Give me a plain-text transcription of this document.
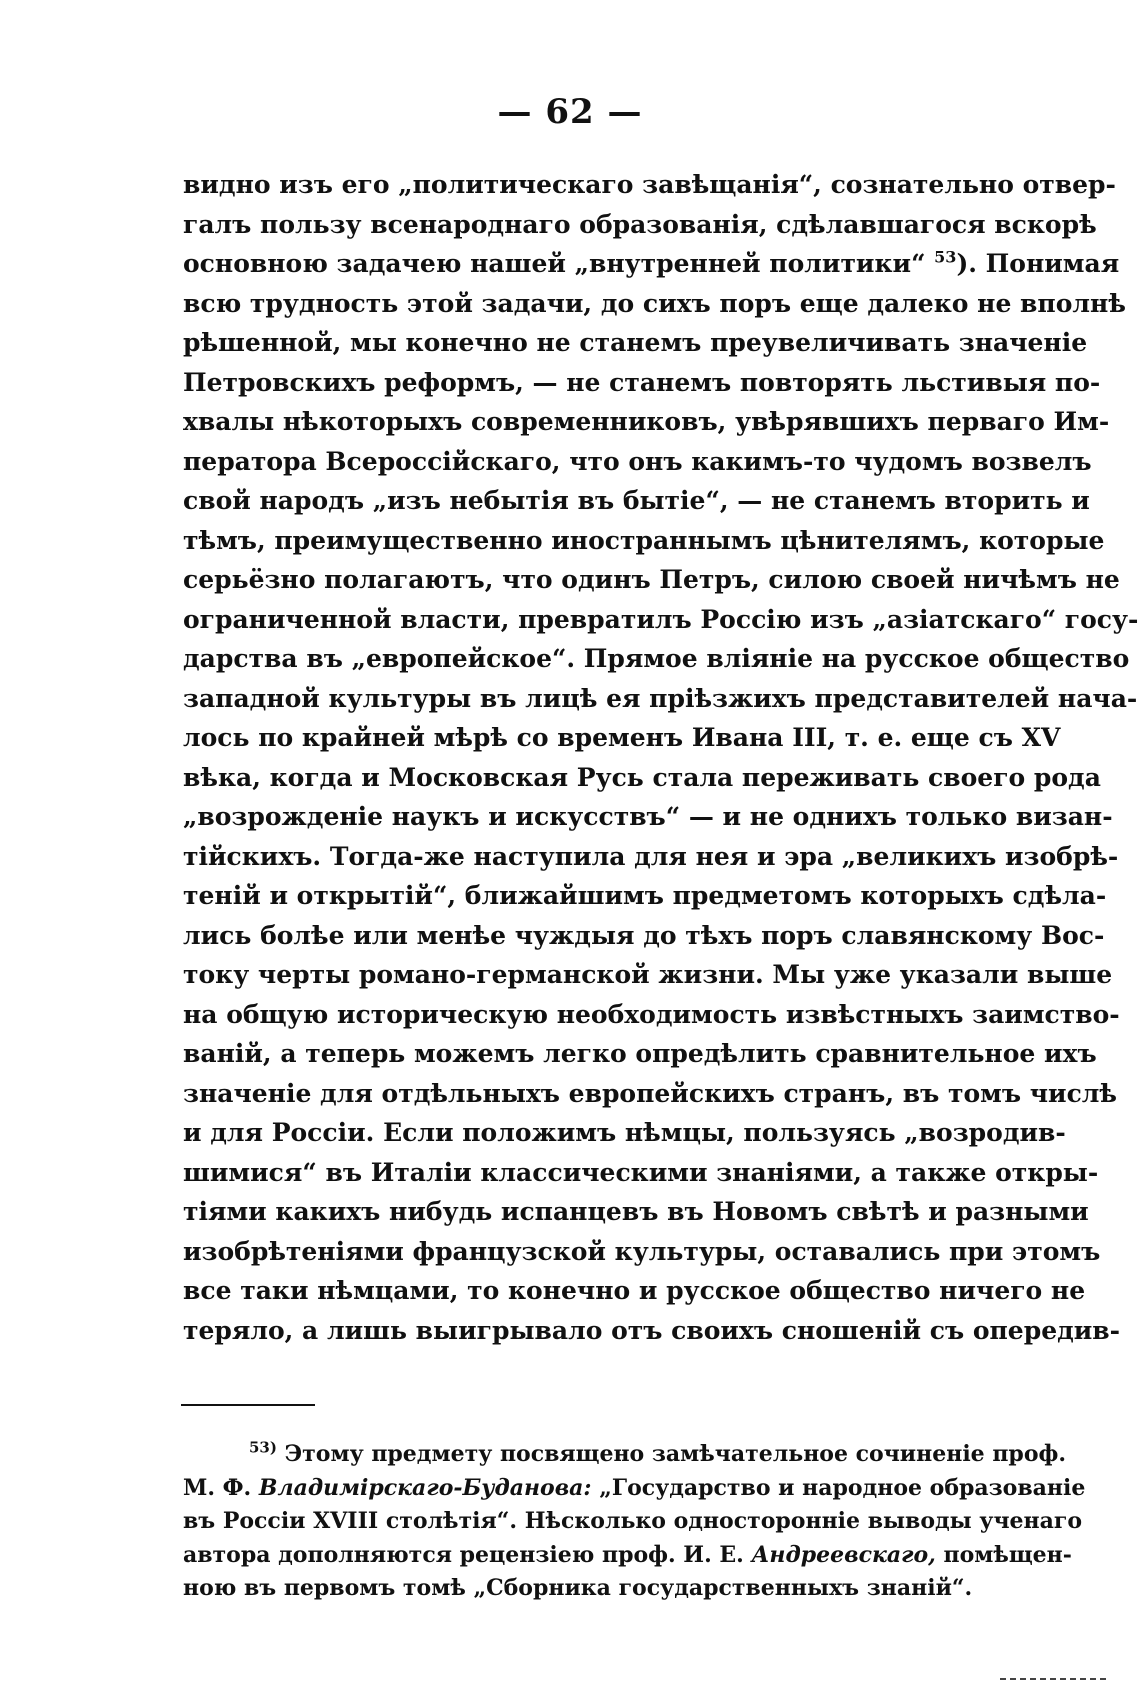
— 62 —
видно изъ его „политическаго завѣщанія“, сознательно отвер-
галъ пользу всенароднаго образованія, сдѣлавшагося вскорѣ
основною задачею нашей „внутренней политики“ $^{53}$). Понимая
всю трудность этой задачи, до сихъ поръ еще далеко не вполнѣ
рѣшенной, мы конечно не станемъ преувеличивать значеніе
Петровскихъ реформъ, — не станемъ повторять льстивыя по-
хвалы нѣкоторыхъ современниковъ, увѣрявшихъ перваго Им-
ператора Всероссійскаго, что онъ какимъ-то чудомъ возвелъ
свой народъ „изъ небытія въ бытіе“, — не станемъ вторить и
тѣмъ, преимущественно иностраннымъ цѣнителямъ, которые
серьёзно полагаютъ, что одинъ Петръ, силою своей ничѣмъ не
ограниченной власти, превратилъ Россію изъ „азіатскаго“ госу-
дарства въ „европейское“. Прямое вліяніе на русское общество
западной культуры въ лицѣ ея пріѣзжихъ представителей нача-
лось по крайней мѣрѣ со временъ Ивана III, т. е. еще съ XV
вѣка, когда и Московская Русь стала переживать своего рода
„возрожденіе наукъ и искусствъ“ — и не однихъ только визан-
тійскихъ. Тогда-же наступила для нея и эра „великихъ изобрѣ-
теній и открытій“, ближайшимъ предметомъ которыхъ сдѣла-
лись болѣе или менѣе чуждыя до тѣхъ поръ славянскому Вос-
току черты романо-германской жизни. Мы уже указали выше
на общую историческую необходимость извѣстныхъ заимство-
ваній, а теперь можемъ легко опредѣлить сравнительное ихъ
значеніе для отдѣльныхъ европейскихъ странъ, въ томъ числѣ
и для Россіи. Если положимъ нѣмцы, пользуясь „возродив-
шимися“ въ Италіи классическими знаніями, а также откры-
тіями какихъ нибудь испанцевъ въ Новомъ свѣтѣ и разными
изобрѣтеніями французской культуры, оставались при этомъ
все таки нѣмцами, то конечно и русское общество ничего не
теряло, а лишь выигрывало отъ своихъ сношеній съ опередив-
$^{53)}$ Этому предмету посвящено замѣчательное сочиненіе проф.
М. Ф. Владимірскаго-Буданова: „Государство и народное образованіе
въ Россіи XVIII столѣтія“. Нѣсколько односторонніе выводы ученаго
автора дополняются рецензіею проф. И. Е. Андреевскаго, помѣщен-
ною въ первомъ томѣ „Сборника государственныхъ знаній“.
